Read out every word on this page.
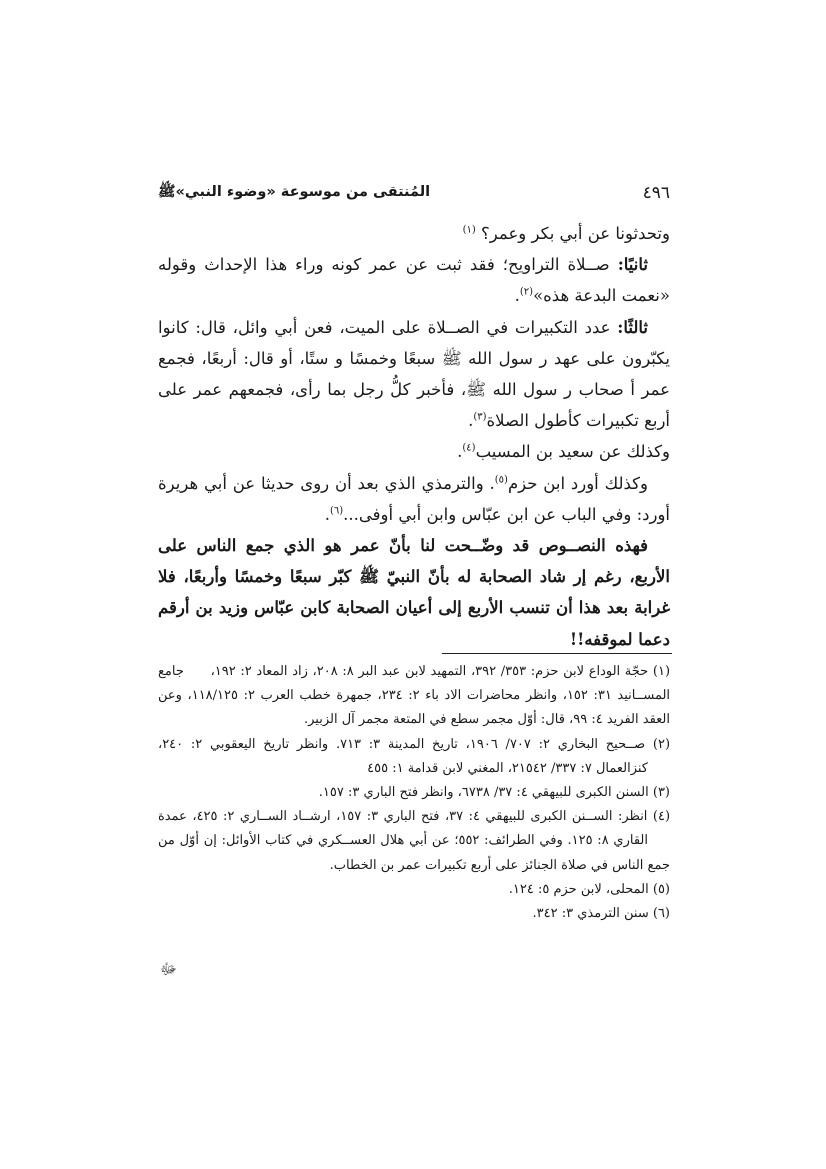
٤٩٦
المُنتقى من موسوعة «وضوء النبي»ﷺ

وتحدثونا عن أبي بكر وعمر؟ $^{(١)}$

ثانيًا: صــلاة التراويح؛ فقد ثبت عن عمر كونه وراء هذا الإحداث وقوله «نعمت البدعة هذه»$^{(٢)}$.

ثالثًا: عدد التكبيرات في الصــلاة على الميت، فعن أبي وائل، قال: كانوا يكبّرون على عهد ر سول الله ﷺ سبعًا وخمسًا و ستًا، أو قال: أربعًا، فجمع عمر أ صحاب ر سول الله ﷺ، فأخبر كلُّ رجل بما رأى، فجمعهم عمر على أربع تكبيرات كأطول الصلاة$^{(٣)}$.

وكذلك عن سعيد بن المسيب$^{(٤)}$.

وكذلك أورد ابن حزم$^{(٥)}$. والترمذي الذي بعد أن روى حديثا عن أبي هريرة أورد: وفي الباب عن ابن عبّاس وابن أبي أوفى...$^{(٦)}$.

فهذه النصــوص قد وضّــحت لنا بأنّ عمر هو الذي جمع الناس على الأربع، رغم إر شاد الصحابة له بأنّ النبيّ ﷺ كبّر سبعًا وخمسًا وأربعًا، فلا غرابة بعد هذا أن تنسب الأربع إلى أعيان الصحابة كابن عبّاس وزيد بن أرقم دعما لموقفه!!

(١) حجّة الوداع لابن حزم: ٣٥٣/ ٣٩٢، التمهيد لابن عبد البر ٨: ٢٠٨، زاد المعاد ٢: ١٩٢، جامع المســانيد ٣١: ١٥٢، وانظر محاضرات الاد باء ٢: ٢٣٤، جمهرة خطب العرب ٢: ١١٨/١٢٥، وعن العقد الفريد ٤: ٩٩، قال: أوّل مجمر سطع في المتعة مجمر آل الزبير.

(٢) صــحيح البخاري ٢: ٧٠٧/ ١٩٠٦، تاريخ المدينة ٣: ٧١٣. وانظر تاريخ اليعقوبي ٢: ٢٤٠، كنزالعمال ٧: ٣٣٧/ ٢١٥٤٢، المغني لابن قدامة ١: ٤٥٥

(٣) السنن الكبرى للبيهقي ٤: ٣٧/ ٦٧٣٨، وانظر فتح الباري ٣: ١٥٧.

(٤) انظر: الســنن الكبرى للبيهقي ٤: ٣٧، فتح الباري ٣: ١٥٧، ارشــاد الســاري ٢: ٤٢٥، عمدة القاري ٨: ١٢٥. وفي الطرائف: ٥٥٢؛ عن أبي هلال العســكري في كتاب الأوائل: إن أوّل من جمع الناس في صلاة الجنائز على أربع تكبيرات عمر بن الخطاب.

(٥) المحلى، لابن حزم ٥: ١٢٤.

(٦) سنن الترمذي ٣: ٣٤٢.

ﷻ
